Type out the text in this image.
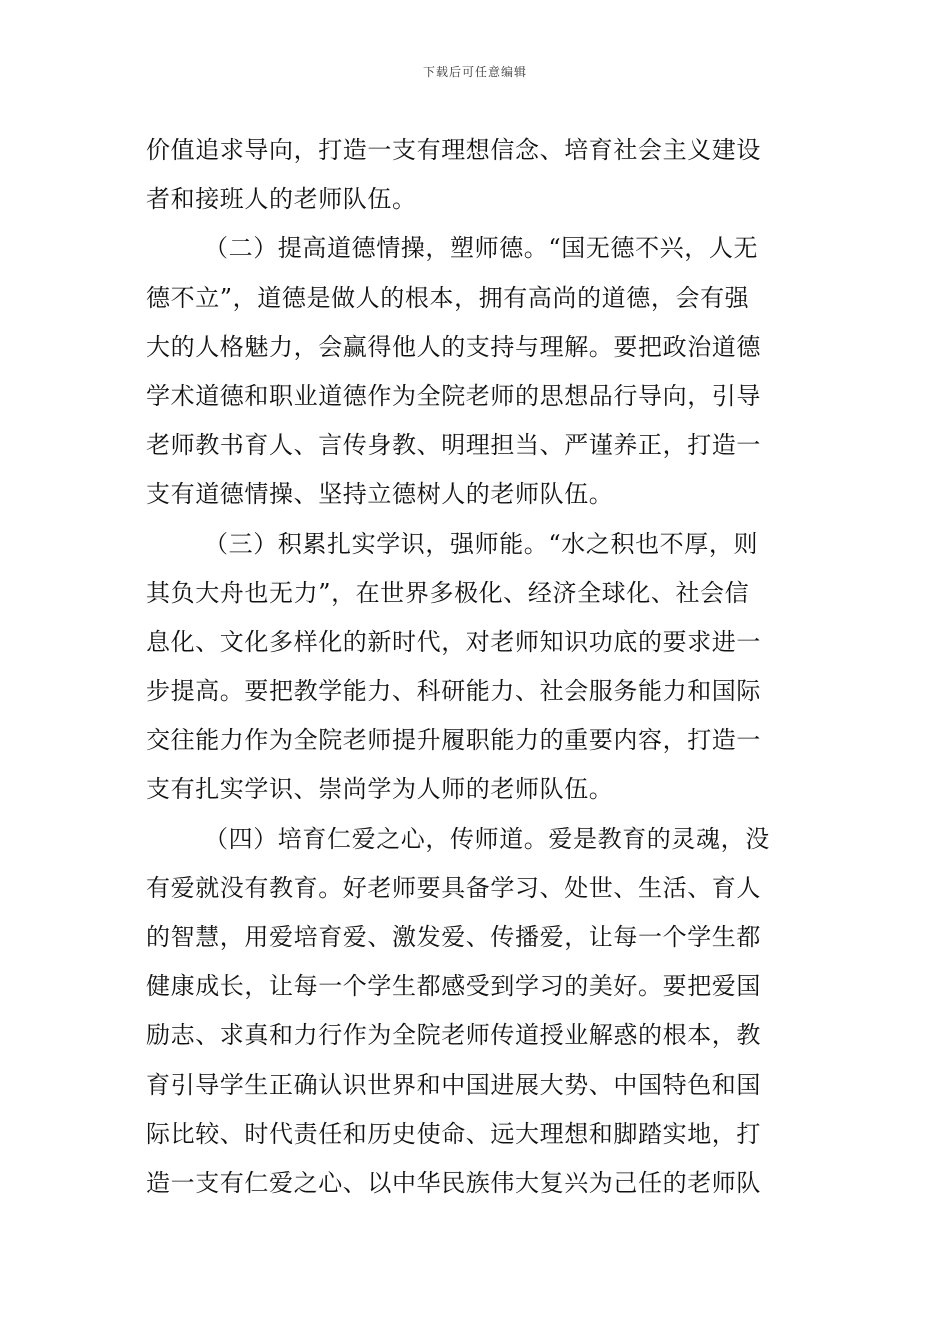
下载后可任意编辑
价值追求导向，打造一支有理想信念、培育社会主义建设
者和接班人的老师队伍。
（二）提高道德情操，塑师德。“国无德不兴，人无
德不立”，道德是做人的根本，拥有高尚的道德，会有强
大的人格魅力，会赢得他人的支持与理解。要把政治道德
学术道德和职业道德作为全院老师的思想品行导向，引导
老师教书育人、言传身教、明理担当、严谨养正，打造一
支有道德情操、坚持立德树人的老师队伍。
（三）积累扎实学识，强师能。“水之积也不厚，则
其负大舟也无力”，在世界多极化、经济全球化、社会信
息化、文化多样化的新时代，对老师知识功底的要求进一
步提高。要把教学能力、科研能力、社会服务能力和国际
交往能力作为全院老师提升履职能力的重要内容，打造一
支有扎实学识、崇尚学为人师的老师队伍。
（四）培育仁爱之心，传师道。爱是教育的灵魂，没
有爱就没有教育。好老师要具备学习、处世、生活、育人
的智慧，用爱培育爱、激发爱、传播爱，让每一个学生都
健康成长，让每一个学生都感受到学习的美好。要把爱国
励志、求真和力行作为全院老师传道授业解惑的根本，教
育引导学生正确认识世界和中国进展大势、中国特色和国
际比较、时代责任和历史使命、远大理想和脚踏实地，打
造一支有仁爱之心、以中华民族伟大复兴为己任的老师队
